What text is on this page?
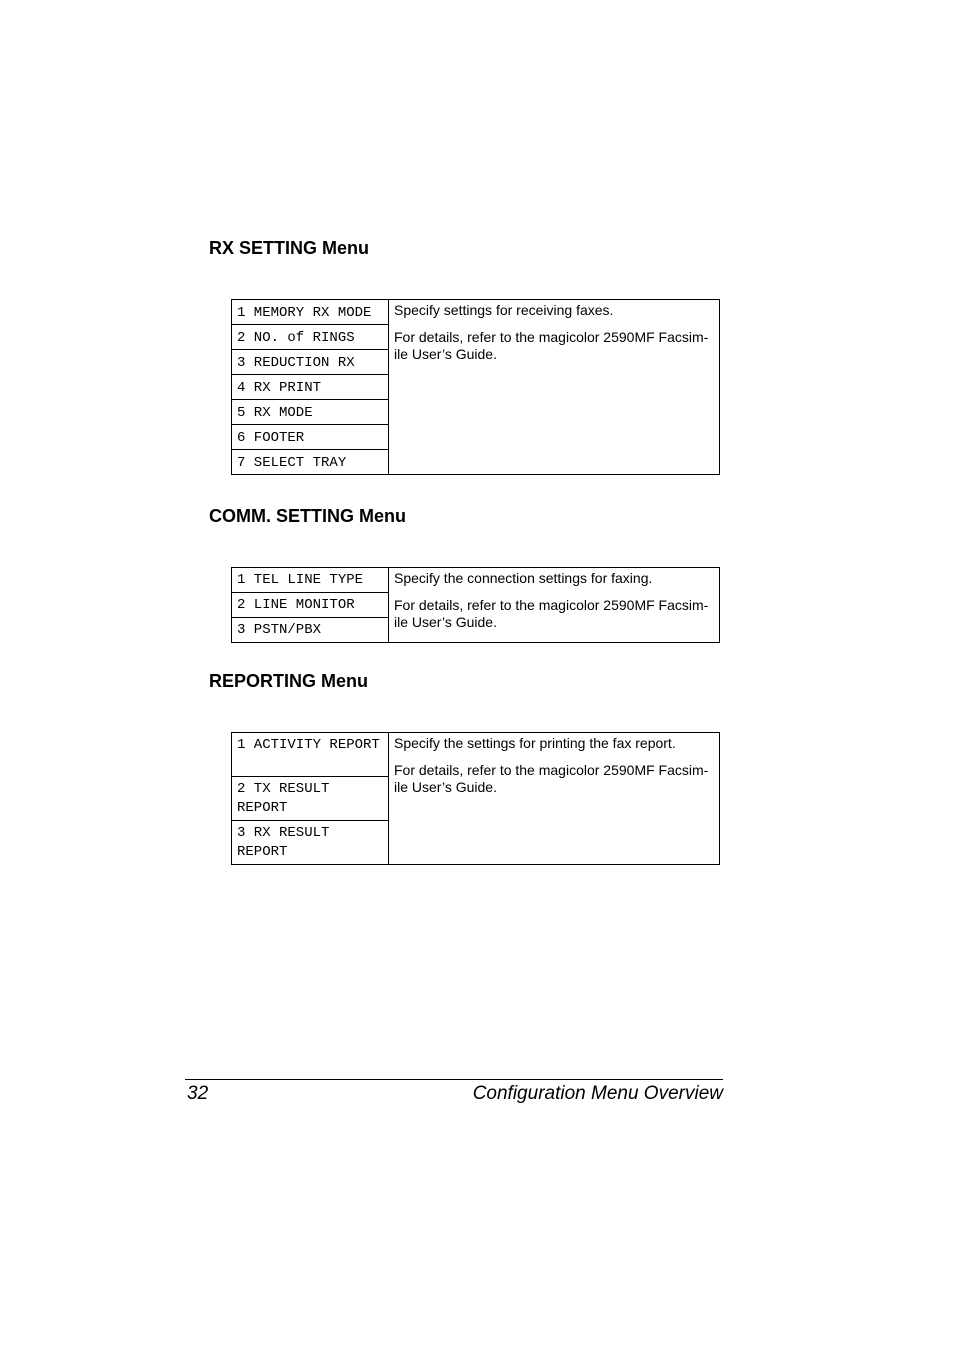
RX SETTING Menu
1 MEMORY RX MODE	Specify settings for receiving faxes.

For details, refer to the magicolor 2590MF Facsim-ile User’s Guide.

2 NO. of RINGS
3 REDUCTION RX
4 RX PRINT
5 RX MODE
6 FOOTER
7 SELECT TRAY
COMM. SETTING Menu
1 TEL LINE TYPE	Specify the connection settings for faxing.

For details, refer to the magicolor 2590MF Facsim-ile User’s Guide.

2 LINE MONITOR
3 PSTN/PBX
REPORTING Menu
1 ACTIVITY REPORT	Specify the settings for printing the fax report.

For details, refer to the magicolor 2590MF Facsim-ile User’s Guide.

2 TX RESULT REPORT
3 RX RESULT REPORT
32	Configuration Menu Overview
